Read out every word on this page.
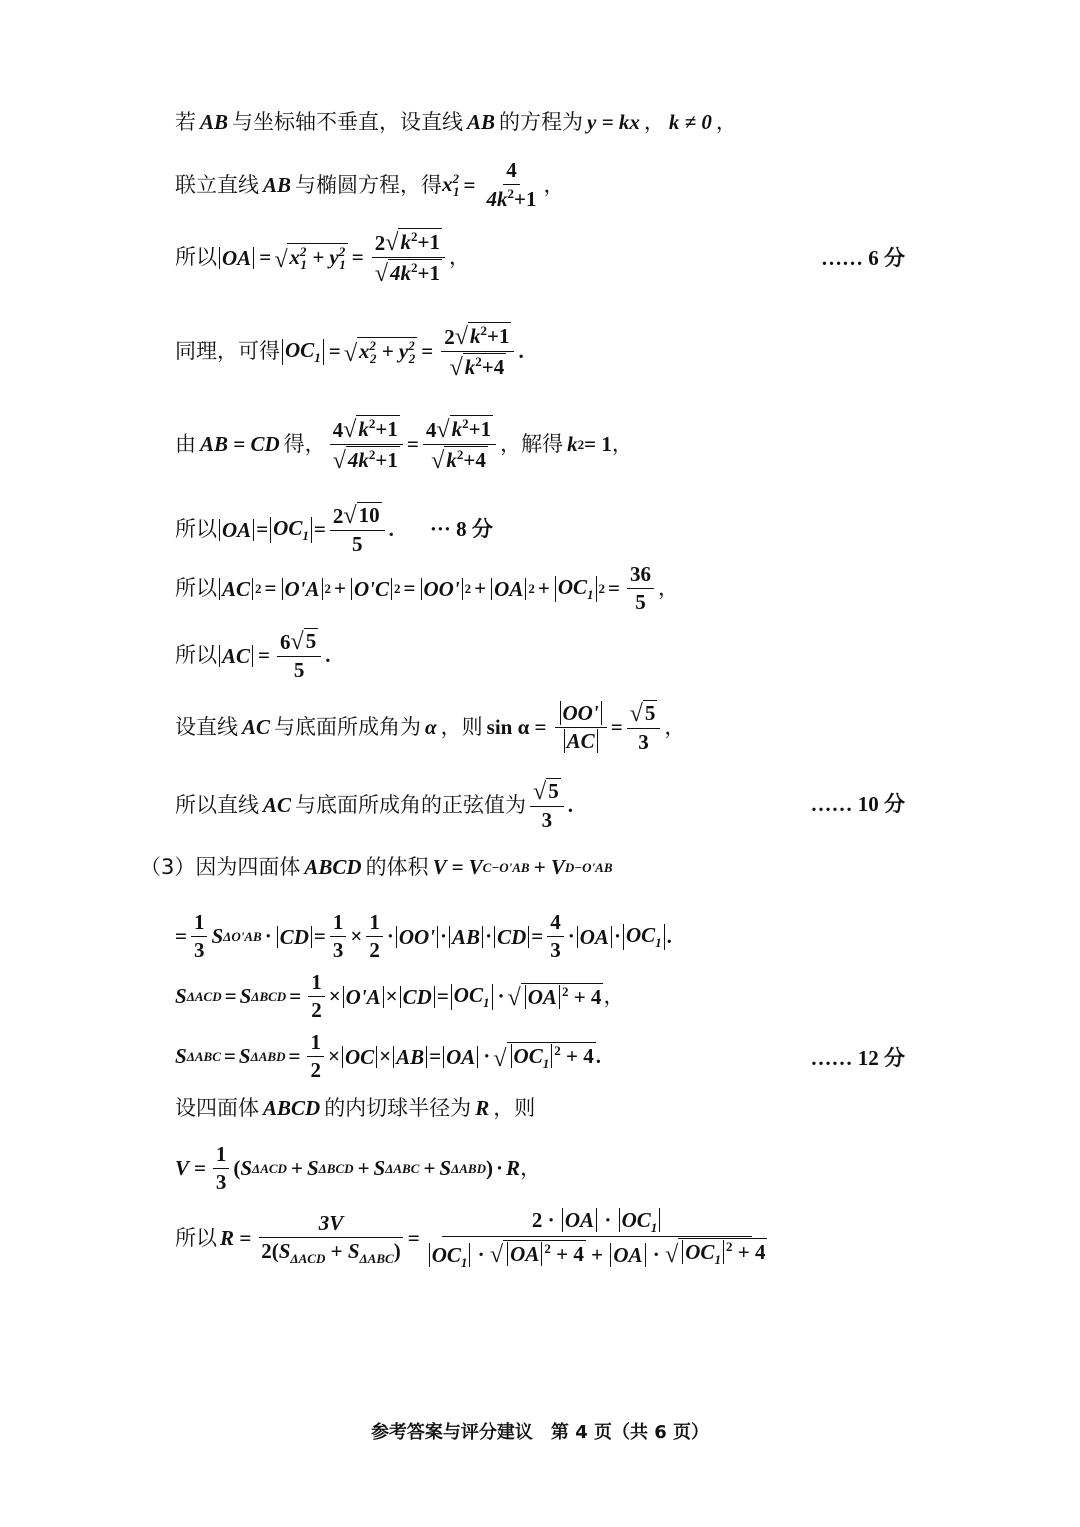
若 AB 与坐标轴不垂直，设直线 AB 的方程为 y = kx ， k ≠ 0 ，
联立直线 AB 与椭圆方程，得 $x^2_1 = \frac{4}{4k^2+1}$ ，
所以 OA = √ $x^2_1 + y^2_1 = \frac{2 √ k^2+1}{√ 4k^2+1}$ ，	…… 6 分
同理，可得 $OC_1$ = √ $x^2_2 + y^2_2 = \frac{2 √ k^2+1}{√ k^2+4}$ .
由 AB = CD 得， $\frac{4 √ k^2+1}{√ 4k^2+1} = \frac{4 √ k^2+1}{√ k^2+4}$ ，解得 k 2 = 1 ，
所以 OA = $OC_1 = \frac{2 √ 10}{5}$ . ··· 8 分
所以 AC 2 = O'A 2 + O'C 2 = OO' 2 + OA $2 + OC_1$ $2 = \frac{36}{5}$ ，
所以 AC = $\frac{6 √ 5}{5}$ .
设直线 AC 与底面所成角为 α ，则 $\sin \alpha = \frac{OO'}{AC} = \frac{√ 5}{3}$ ，
所以直线 AC 与底面所成角的正弦值为 $\frac{√ 5}{3}$ .	…… 10 分
（3）因为四面体 ABCD 的体积 V = V C−O'AB + V D−O'AB
= $\frac{1}{3}$ S ΔO'AB · CD = $\frac{1}{3} \times \frac{1}{2} \cdot OO'$ · AB · CD = $\frac{4}{3}$ · OA · $OC_1$ .
S ΔACD = S $\Delta BCD = \frac{1}{2} \times O'A$ × CD = $OC_1$ · √ OA $^2$ + 4 ，
S ΔABC = S $\Delta ABD = \frac{1}{2}$ × OC × AB = OA · √ $OC_1^2 + 4$ .	…… 12 分
设四面体 ABCD 的内切球半径为 R ，则
$V = \frac{1}{3}$ ( S ΔACD + S ΔBCD + S ΔABC + S ΔABD ) · R ，
所以 $R = \frac{3V}{2(S_{\Delta ACD} + S_{\Delta ABC})} = \frac{2 \cdot OA \cdot OC_1}{OC_1 \cdot √ OA ^2 + 4 + OA \cdot √ OC_1^2 + 4}$
参考答案与评分建议　第 4 页（共 6 页）
